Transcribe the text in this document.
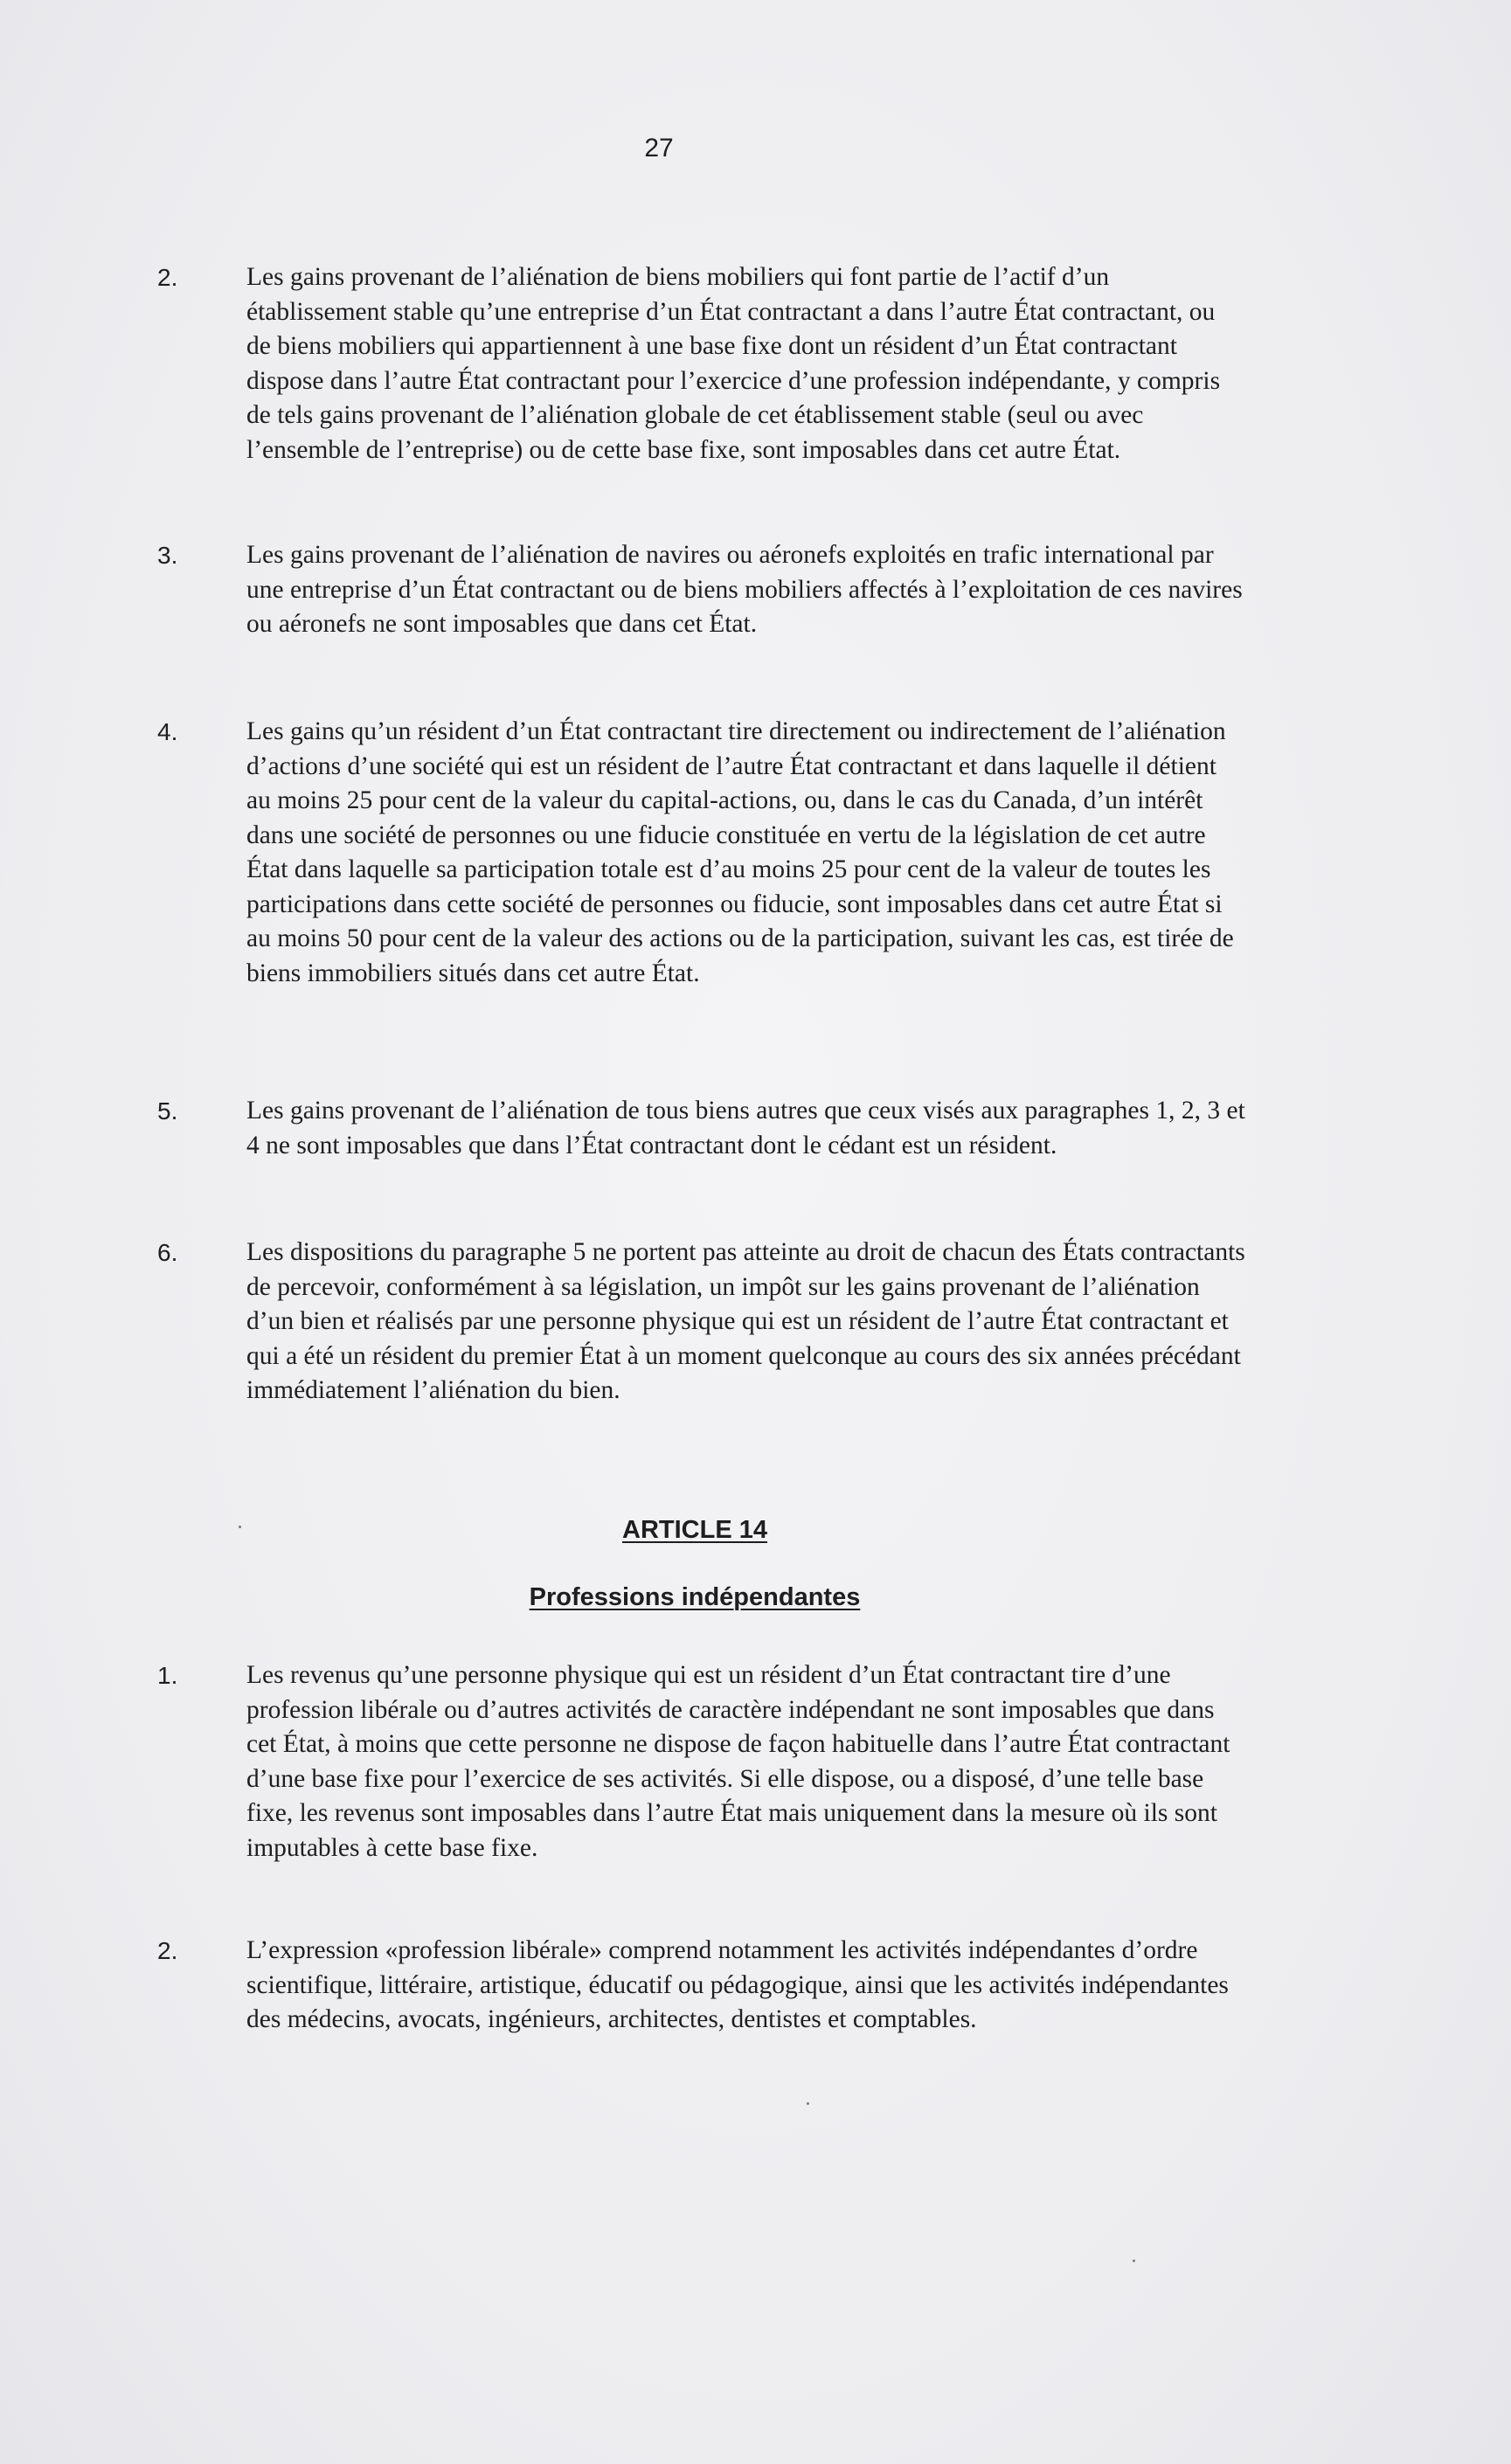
27
2.	Les gains provenant de l’aliénation de biens mobiliers qui font partie de l’actif d’un établissement stable qu’une entreprise d’un État contractant a dans l’autre État contractant, ou de biens mobiliers qui appartiennent à une base fixe dont un résident d’un État contractant dispose dans l’autre État contractant pour l’exercice d’une profession indépendante, y compris de tels gains provenant de l’aliénation globale de cet établissement stable (seul ou avec l’ensemble de l’entreprise) ou de cette base fixe, sont imposables dans cet autre État.
3.	Les gains provenant de l’aliénation de navires ou aéronefs exploités en trafic international par une entreprise d’un État contractant ou de biens mobiliers affectés à l’exploitation de ces navires ou aéronefs ne sont imposables que dans cet État.
4.	Les gains qu’un résident d’un État contractant tire directement ou indirectement de l’aliénation d’actions d’une société qui est un résident de l’autre État contractant et dans laquelle il détient au moins 25 pour cent de la valeur du capital-actions, ou, dans le cas du Canada, d’un intérêt dans une société de personnes ou une fiducie constituée en vertu de la législation de cet autre État dans laquelle sa participation totale est d’au moins 25 pour cent de la valeur de toutes les participations dans cette société de personnes ou fiducie, sont imposables dans cet autre État si au moins 50 pour cent de la valeur des actions ou de la participation, suivant les cas, est tirée de biens immobiliers situés dans cet autre État.
5.	Les gains provenant de l’aliénation de tous biens autres que ceux visés aux paragraphes 1, 2, 3 et 4 ne sont imposables que dans l’État contractant dont le cédant est un résident.
6.	Les dispositions du paragraphe 5 ne portent pas atteinte au droit de chacun des États contractants de percevoir, conformément à sa législation, un impôt sur les gains provenant de l’aliénation d’un bien et réalisés par une personne physique qui est un résident de l’autre État contractant et qui a été un résident du premier État à un moment quelconque au cours des six années précédant immédiatement l’aliénation du bien.
ARTICLE 14
Professions indépendantes
1.	Les revenus qu’une personne physique qui est un résident d’un État contractant tire d’une profession libérale ou d’autres activités de caractère indépendant ne sont imposables que dans cet État, à moins que cette personne ne dispose de façon habituelle dans l’autre État contractant d’une base fixe pour l’exercice de ses activités. Si elle dispose, ou a disposé, d’une telle base fixe, les revenus sont imposables dans l’autre État mais uniquement dans la mesure où ils sont imputables à cette base fixe.
2.	L’expression «profession libérale» comprend notamment les activités indépendantes d’ordre scientifique, littéraire, artistique, éducatif ou pédagogique, ainsi que les activités indépendantes des médecins, avocats, ingénieurs, architectes, dentistes et comptables.
